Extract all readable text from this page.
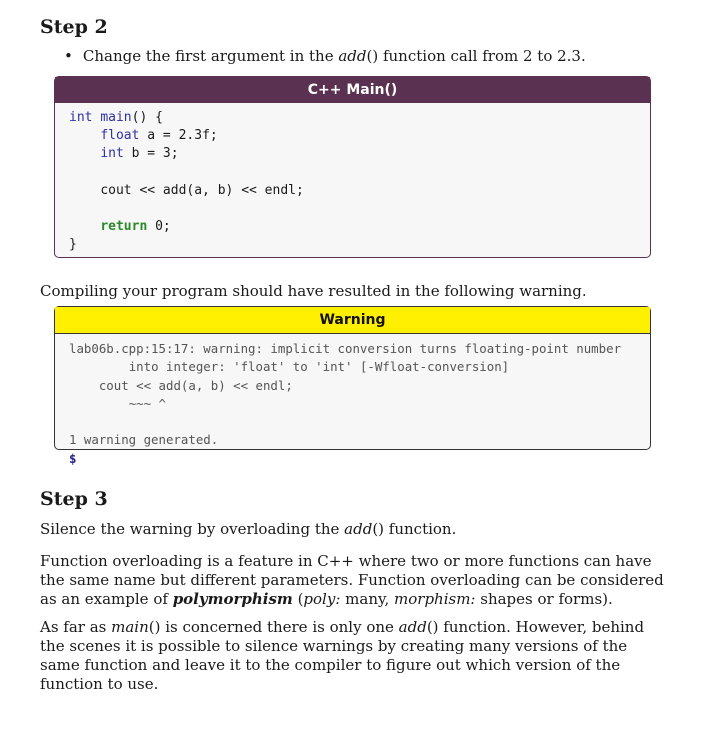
Step 2
• Change the first argument in the add() function call from 2 to 2.3.
C++ Main()
int main() {
float a = 2.3f;
int b = 3;

cout << add(a, b) << endl;

return 0;
}

Compiling your program should have resulted in the following warning.

Warning
lab06b.cpp:15:17: warning: implicit conversion turns floating-point number
into integer: 'float' to 'int' [-Wfloat-conversion]
cout << add(a, b) << endl;
~~~ ^

1 warning generated.
$
Step 3

Silence the warning by overloading the add() function.

Function overloading is a feature in C++ where two or more functions can have the same name but different parameters. Function overloading can be considered as an example of polymorphism (poly: many, morphism: shapes or forms).

As far as main() is concerned there is only one add() function. However, behind the scenes it is possible to silence warnings by creating many versions of the same function and leave it to the compiler to figure out which version of the function to use.
